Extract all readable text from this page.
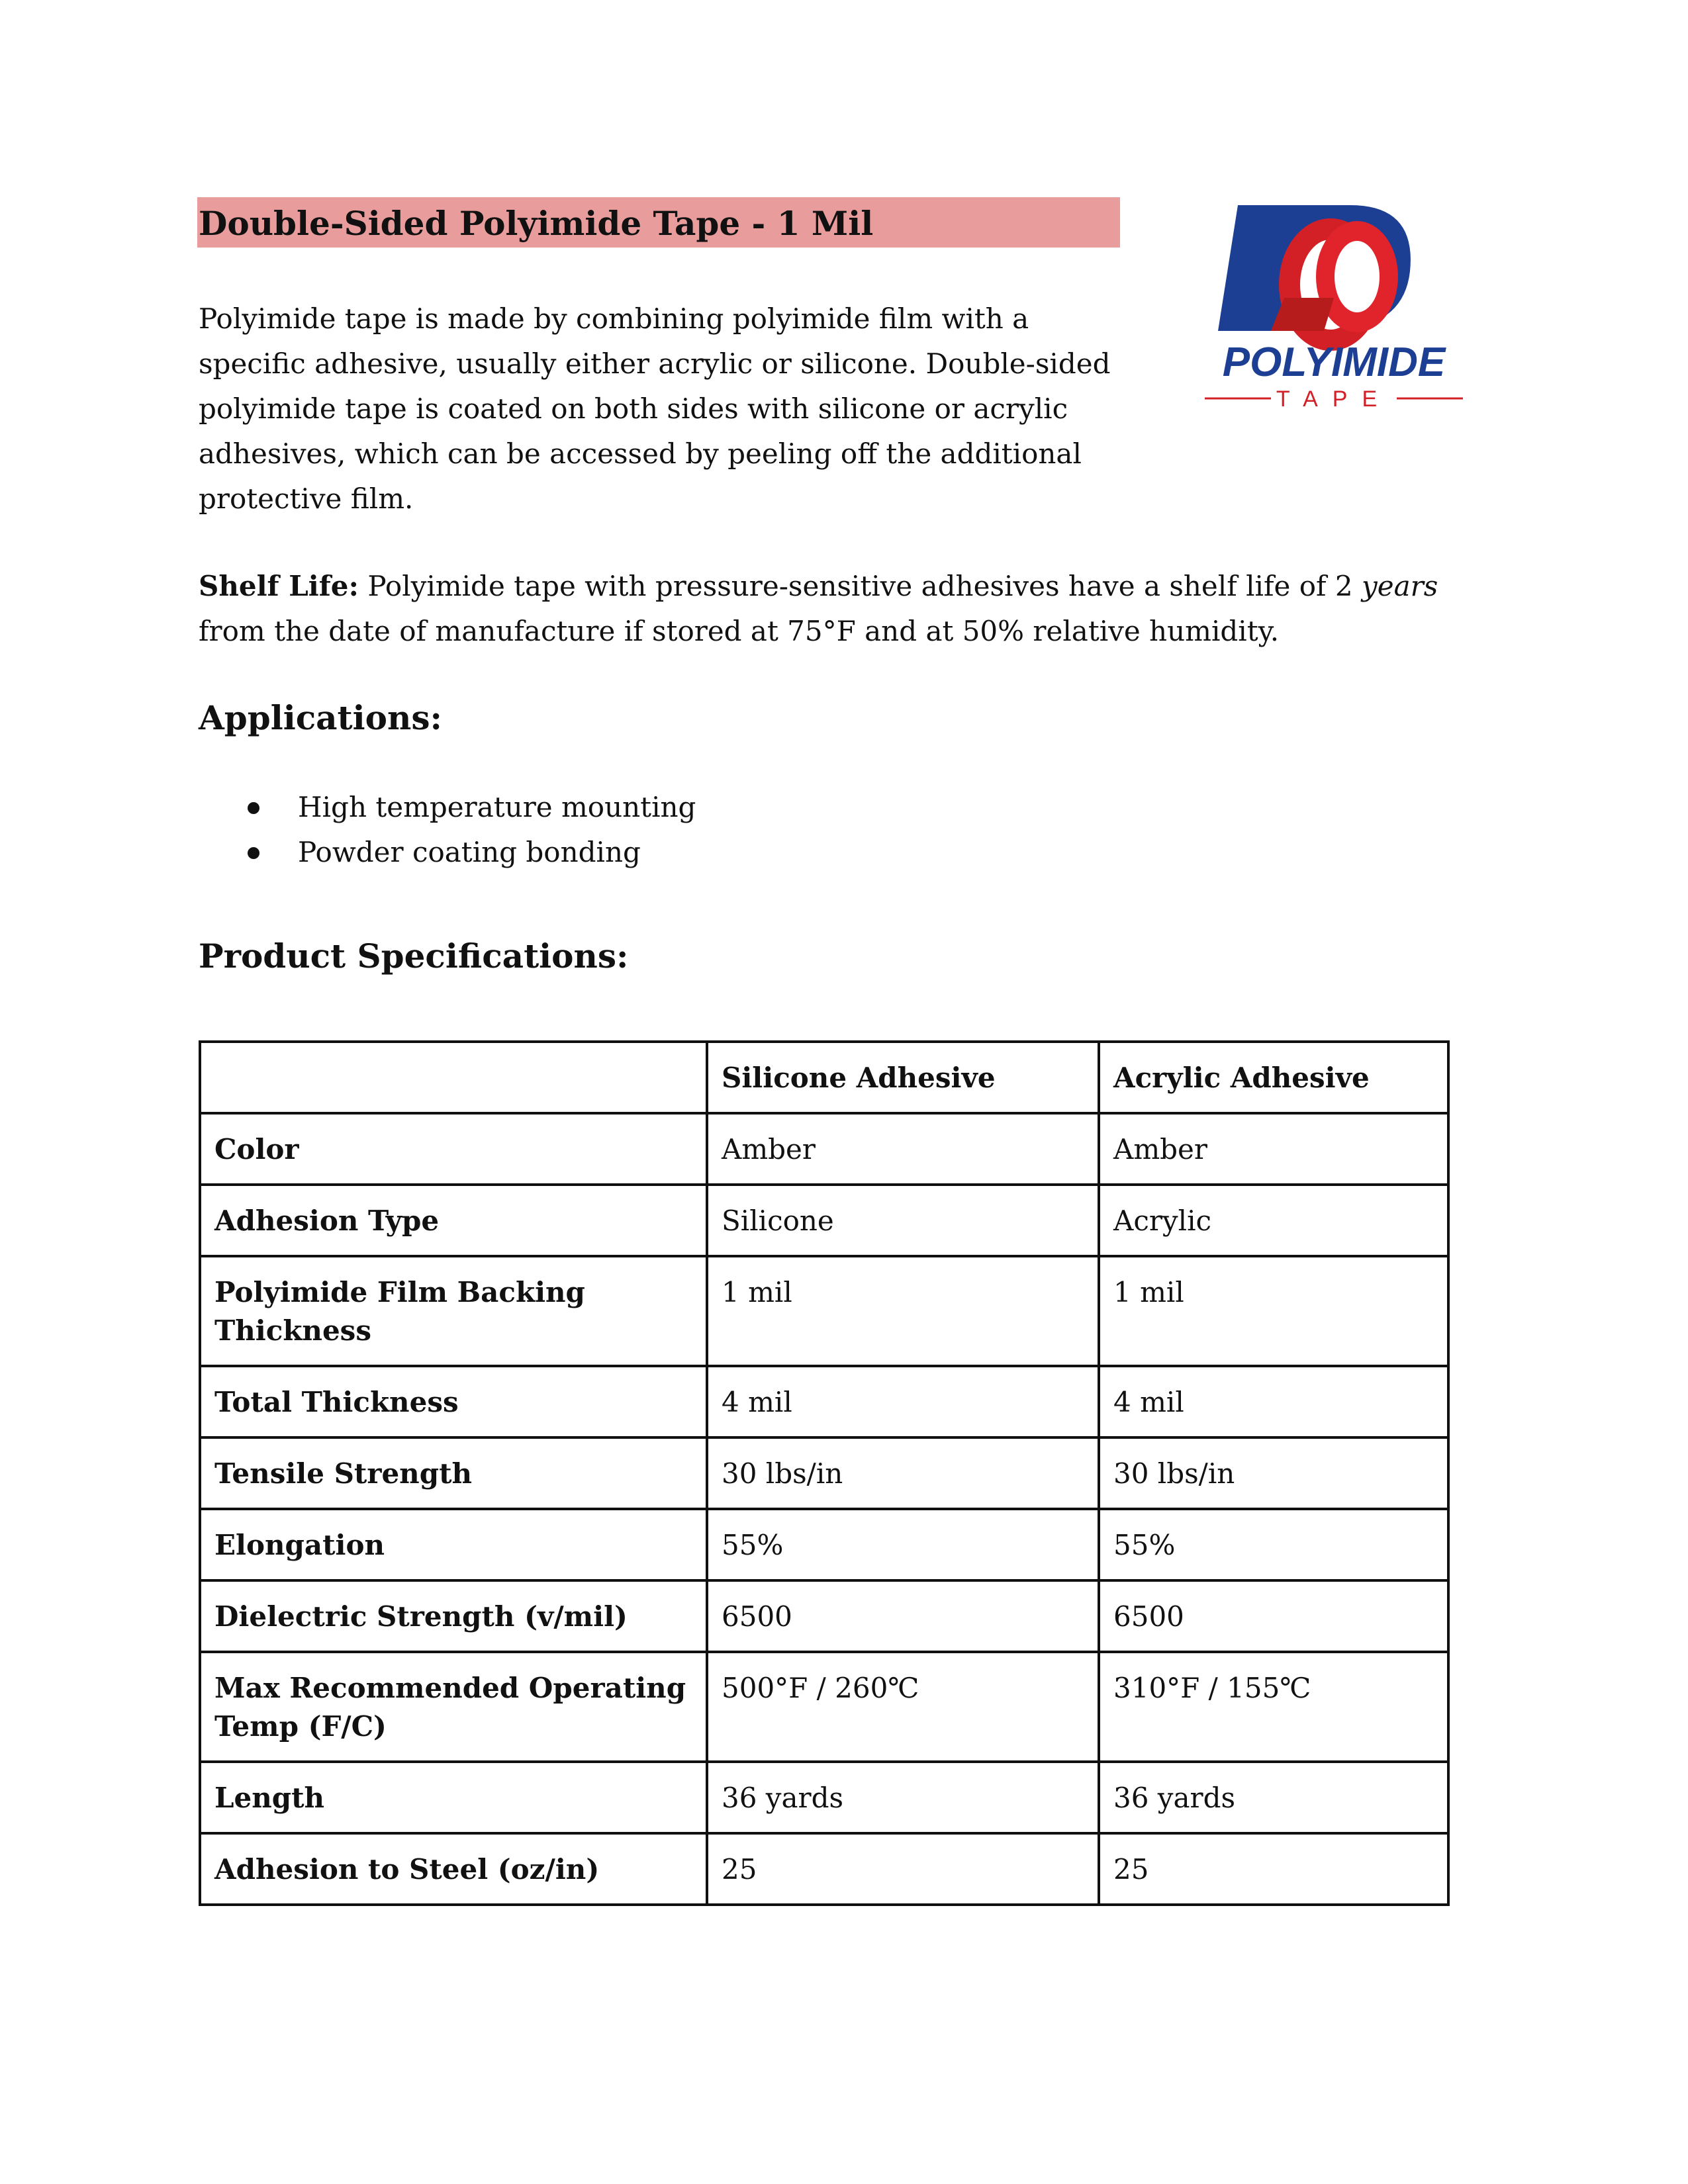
Double-Sided Polyimide Tape - 1 Mil

Polyimide tape is made by combining polyimide film with a specific adhesive, usually either acrylic or silicone. Double-sided polyimide tape is coated on both sides with silicone or acrylic adhesives, which can be accessed by peeling off the additional protective film.

POLYIMIDE
TAPE

Shelf Life: Polyimide tape with pressure-sensitive adhesives have a shelf life of 2 years from the date of manufacture if stored at 75°F and at 50% relative humidity.

Applications:
High temperature mounting
Powder coating bonding
Product Specifications:
	Silicone Adhesive	Acrylic Adhesive
Color	Amber	Amber
Adhesion Type	Silicone	Acrylic
Polyimide Film Backing Thickness	1 mil	1 mil
Total Thickness	4 mil	4 mil
Tensile Strength	30 lbs/in	30 lbs/in
Elongation	55%	55%
Dielectric Strength (v/mil)	6500	6500
Max Recommended Operating Temp (F/C)	500°F / 260℃	310°F / 155℃
Length	36 yards	36 yards
Adhesion to Steel (oz/in)	25	25
